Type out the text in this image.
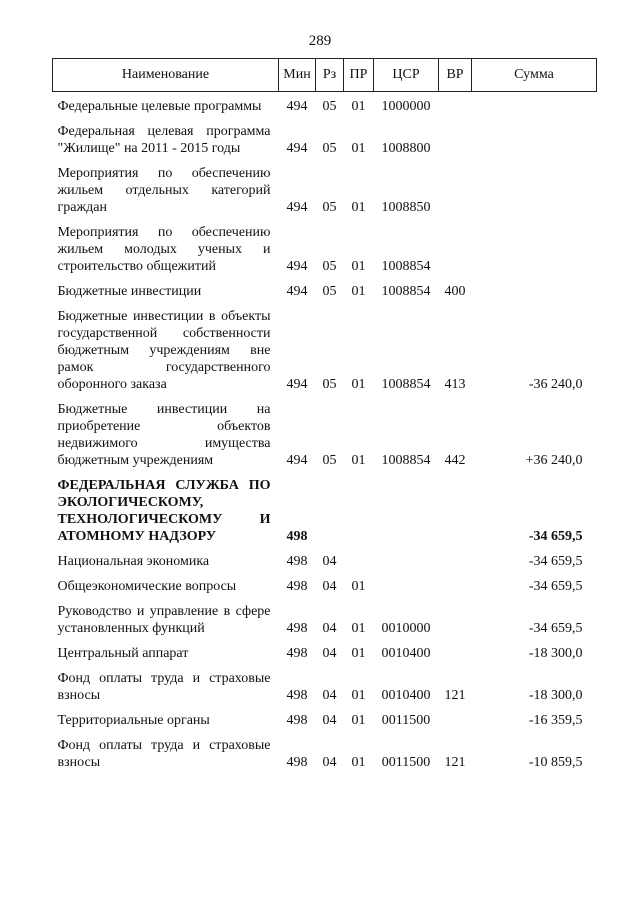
289
Наименование	Мин	Рз	ПР	ЦСР	ВР	Сумма
Федеральные целевые программы	494	05	01	1000000		
Федеральная целевая программа "Жилище" на 2011 - 2015 годы	494	05	01	1008800		
Мероприятия по обеспечению жильем отдельных категорий граждан	494	05	01	1008850		
Мероприятия по обеспечению жильем молодых ученых и строительство общежитий	494	05	01	1008854		
Бюджетные инвестиции	494	05	01	1008854	400	
Бюджетные инвестиции в объекты государственной собственности бюджетным учреждениям вне рамок государственного оборонного заказа	494	05	01	1008854	413	-36 240,0
Бюджетные инвестиции на приобретение объектов недвижимого имущества бюджетным учреждениям	494	05	01	1008854	442	+36 240,0
ФЕДЕРАЛЬНАЯ СЛУЖБА ПО ЭКОЛОГИЧЕСКОМУ, ТЕХНОЛОГИЧЕСКОМУ И АТОМНОМУ НАДЗОРУ	498					-34 659,5
Национальная экономика	498	04				-34 659,5
Общеэкономические вопросы	498	04	01			-34 659,5
Руководство и управление в сфере установленных функций	498	04	01	0010000		-34 659,5
Центральный аппарат	498	04	01	0010400		-18 300,0
Фонд оплаты труда и страховые взносы	498	04	01	0010400	121	-18 300,0
Территориальные органы	498	04	01	0011500		-16 359,5
Фонд оплаты труда и страховые взносы	498	04	01	0011500	121	-10 859,5
